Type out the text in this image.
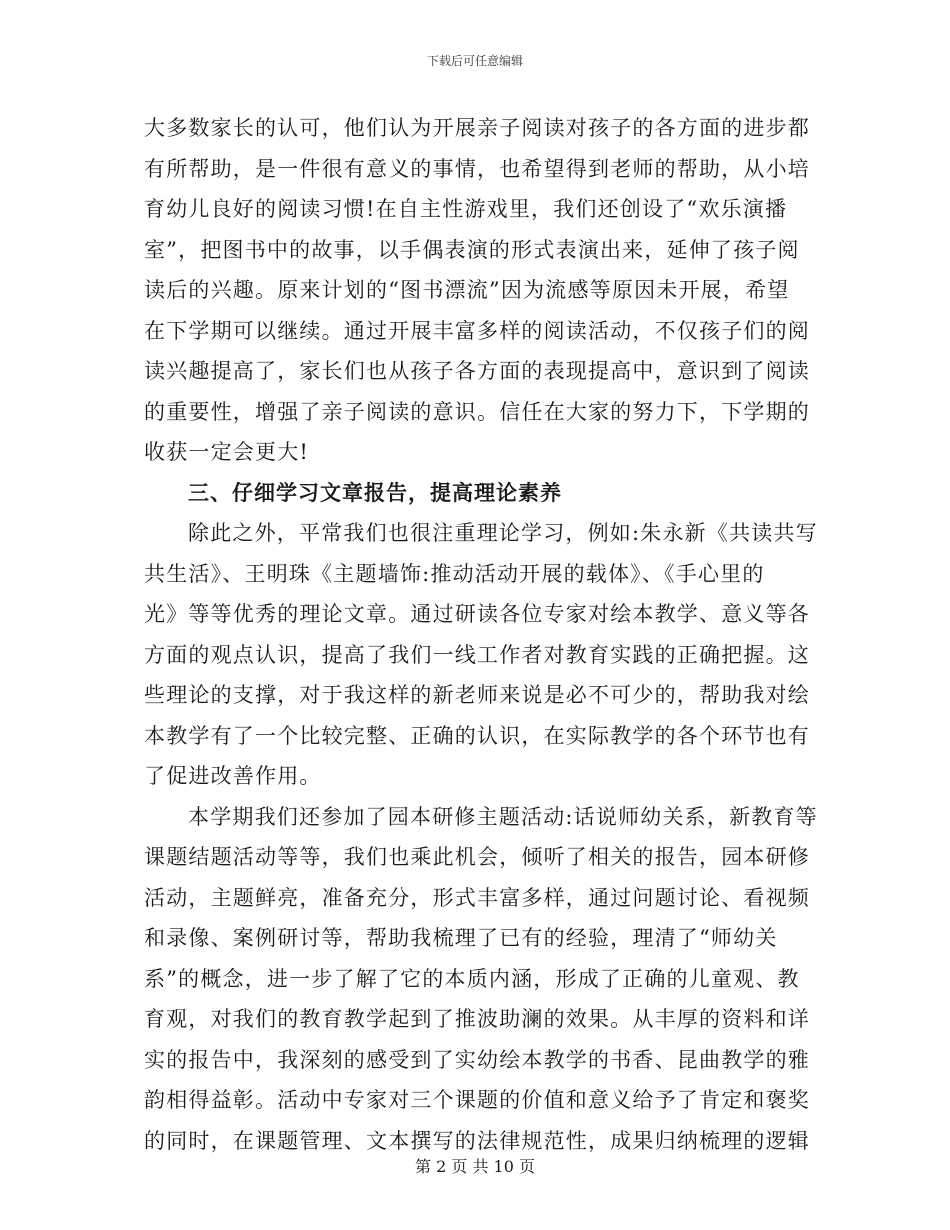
下载后可任意编辑
大多数家长的认可，他们认为开展亲子阅读对孩子的各方面的进步都
有所帮助，是一件很有意义的事情，也希望得到老师的帮助，从小培
育幼儿良好的阅读习惯!在自主性游戏里，我们还创设了“欢乐演播
室”，把图书中的故事，以手偶表演的形式表演出来，延伸了孩子阅
读后的兴趣。原来计划的“图书漂流”因为流感等原因未开展，希望
在下学期可以继续。通过开展丰富多样的阅读活动，不仅孩子们的阅
读兴趣提高了，家长们也从孩子各方面的表现提高中，意识到了阅读
的重要性，增强了亲子阅读的意识。信任在大家的努力下，下学期的
收获一定会更大!
三、仔细学习文章报告，提高理论素养
除此之外，平常我们也很注重理论学习，例如:朱永新《共读共写
共生活》、王明珠《主题墙饰:推动活动开展的载体》、《手心里的
光》等等优秀的理论文章。通过研读各位专家对绘本教学、意义等各
方面的观点认识，提高了我们一线工作者对教育实践的正确把握。这
些理论的支撑，对于我这样的新老师来说是必不可少的，帮助我对绘
本教学有了一个比较完整、正确的认识，在实际教学的各个环节也有
了促进改善作用。
本学期我们还参加了园本研修主题活动:话说师幼关系，新教育等
课题结题活动等等，我们也乘此机会，倾听了相关的报告，园本研修
活动，主题鲜亮，准备充分，形式丰富多样，通过问题讨论、看视频
和录像、案例研讨等，帮助我梳理了已有的经验，理清了“师幼关
系”的概念，进一步了解了它的本质内涵，形成了正确的儿童观、教
育观，对我们的教育教学起到了推波助澜的效果。从丰厚的资料和详
实的报告中，我深刻的感受到了实幼绘本教学的书香、昆曲教学的雅
韵相得益彰。活动中专家对三个课题的价值和意义给予了肯定和褒奖
的同时，在课题管理、文本撰写的法律规范性，成果归纳梳理的逻辑
第 2 页 共 10 页
